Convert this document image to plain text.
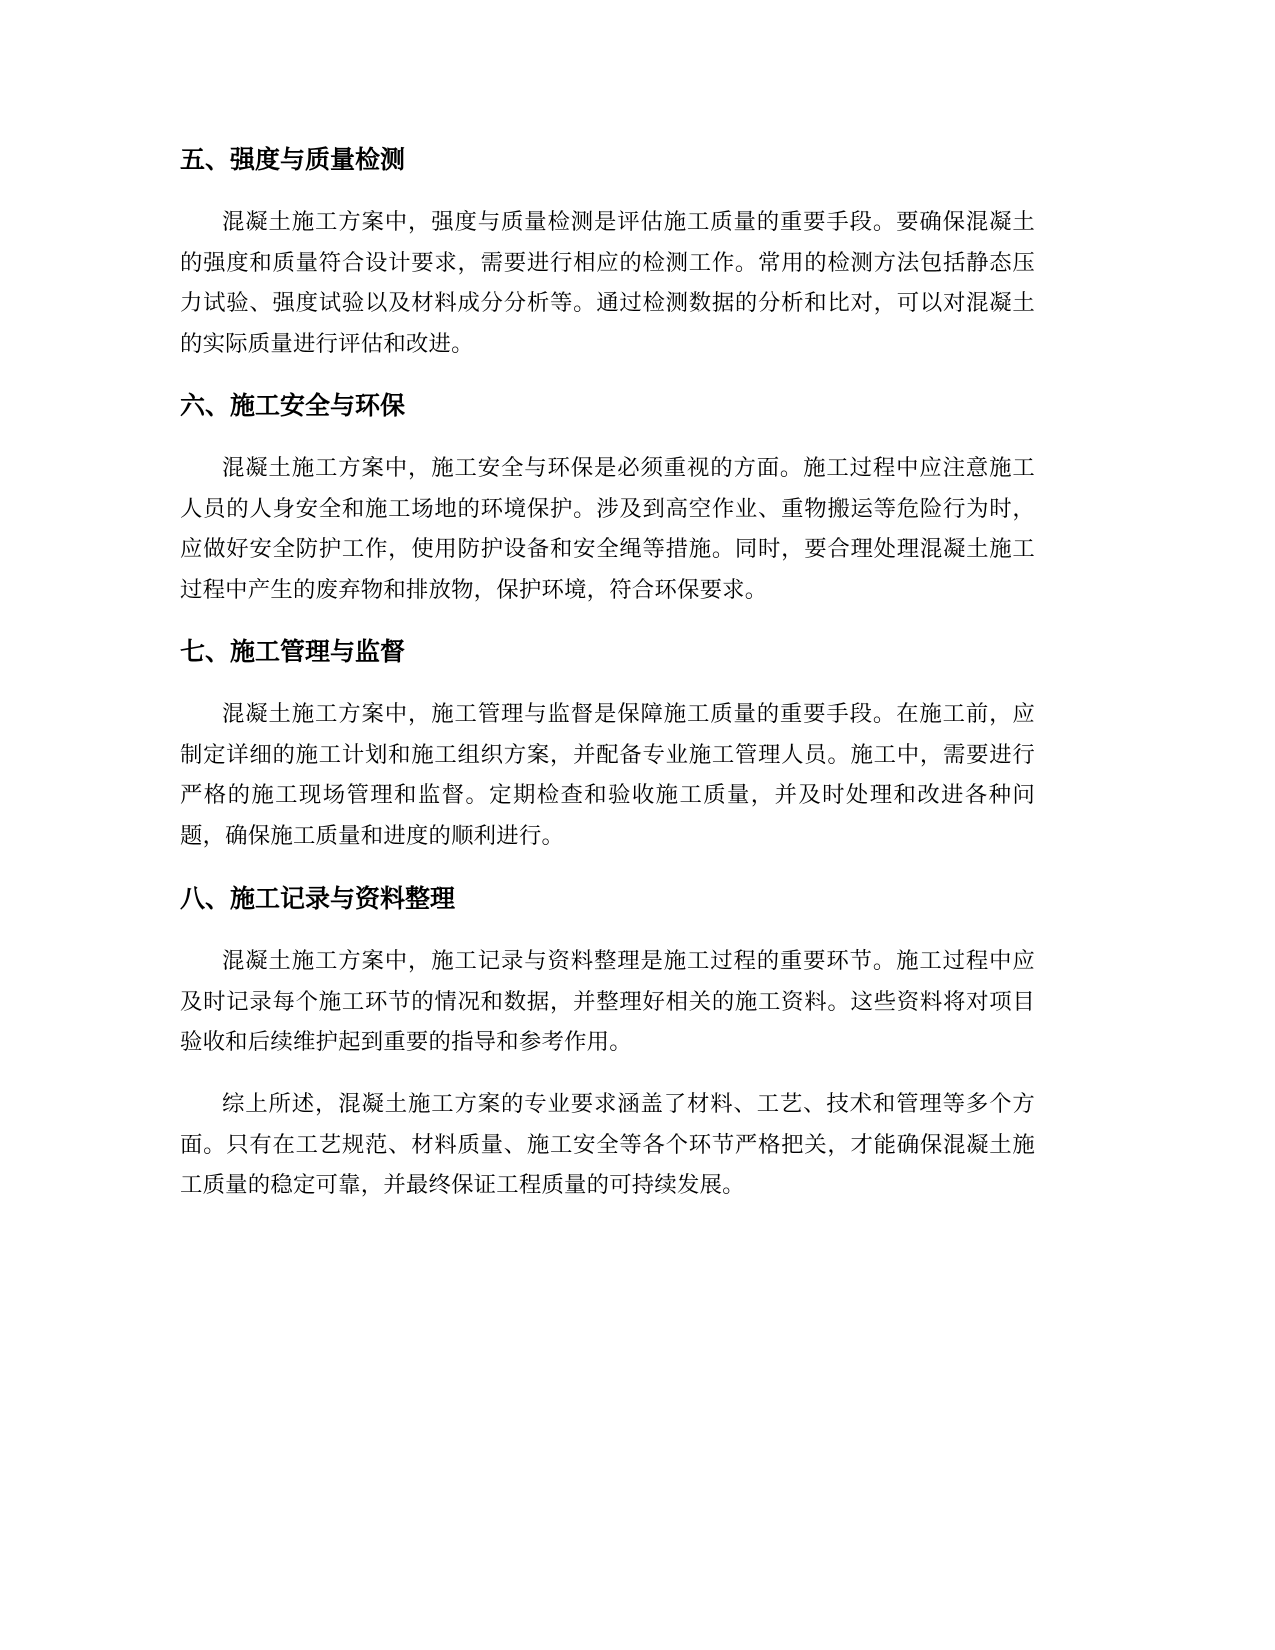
五、强度与质量检测

混凝土施工方案中，强度与质量检测是评估施工质量的重要手段。要确保混凝土的强度和质量符合设计要求，需要进行相应的检测工作。常用的检测方法包括静态压力试验、强度试验以及材料成分分析等。通过检测数据的分析和比对，可以对混凝土的实际质量进行评估和改进。

六、施工安全与环保

混凝土施工方案中，施工安全与环保是必须重视的方面。施工过程中应注意施工人员的人身安全和施工场地的环境保护。涉及到高空作业、重物搬运等危险行为时，应做好安全防护工作，使用防护设备和安全绳等措施。同时，要合理处理混凝土施工过程中产生的废弃物和排放物，保护环境，符合环保要求。

七、施工管理与监督

混凝土施工方案中，施工管理与监督是保障施工质量的重要手段。在施工前，应制定详细的施工计划和施工组织方案，并配备专业施工管理人员。施工中，需要进行严格的施工现场管理和监督。定期检查和验收施工质量，并及时处理和改进各种问题，确保施工质量和进度的顺利进行。

八、施工记录与资料整理

混凝土施工方案中，施工记录与资料整理是施工过程的重要环节。施工过程中应及时记录每个施工环节的情况和数据，并整理好相关的施工资料。这些资料将对项目验收和后续维护起到重要的指导和参考作用。

综上所述，混凝土施工方案的专业要求涵盖了材料、工艺、技术和管理等多个方面。只有在工艺规范、材料质量、施工安全等各个环节严格把关，才能确保混凝土施工质量的稳定可靠，并最终保证工程质量的可持续发展。
